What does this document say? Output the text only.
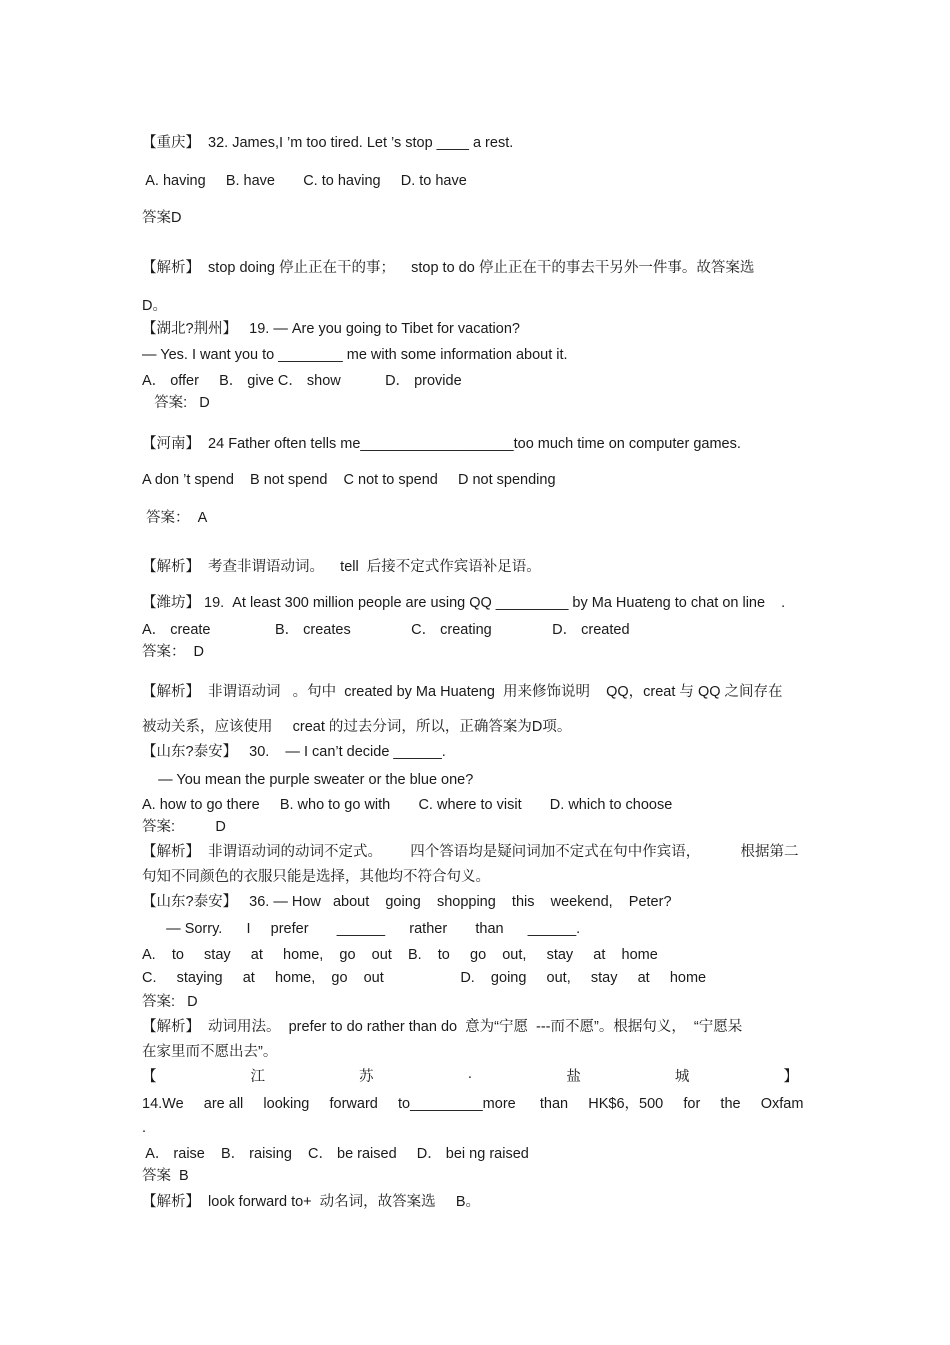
【重庆】  32. James,I ’m too tired. Let ’s stop ____ a rest.
A. having     B. have       C. to having     D. to have
答案D
【解析】  stop doing 停止正在干的事；    stop to do 停止正在干的事去干另外一件事。故答案选
D。
【湖北?荆州】   19. — Are you going to Tibet for vacation?
— Yes. I want you to ________ me with some information about it.
A． offer     B． give C． show           D． provide
答案:   D
【河南】  24 Father often tells me___________________too much time on computer games.
A don ’t spend    B not spend    C not to spend     D not spending
答案：  A
【解析】  考查非谓语动词。    tell  后接不定式作宾语补足语。
【潍坊】 19.  At least 300 million people are using QQ _________ by Ma Huateng to chat on line    .
A． create                B． creates               C． creating               D． created
答案：  D
【解析】  非谓语动词   。句中  created by Ma Huateng  用来修饰说明    QQ，creat 与 QQ 之间存在
被动关系，应该使用     creat 的过去分词，所以，正确答案为D项。
【山东?泰安】   30.    — I can’t decide ______.
— You mean the purple sweater or the blue one?
A. how to go there     B. who to go with       C. where to visit       D. which to choose
答案:          D
【解析】  非谓语动词的动词不定式。       四个答语均是疑问词加不定式在句中作宾语，          根据第二
句知不同颜色的衣服只能是选择，其他均不符合句义。
【山东?泰安】   36. — How   about    going    shopping    this    weekend,    Peter?
— Sorry.      I     prefer       ______      rather       than      ______.
A.    to     stay     at     home,    go    out    B.    to     go    out,     stay     at    home
C.     staying     at     home,    go    out                   D.    going     out,     stay     at     home
答案:   D
【解析】  动词用法。  prefer to do rather than do  意为“宁愿  ---而不愿”。根据句义，  “宁愿呆
在家里而不愿出去”。
【	江	苏	·	盐	城	】
14.We     are all     looking     forward     to_________more      than     HK$6，500     for     the     Oxfam
.
A． raise    B． raising    C． be raised     D． bei ng raised
答案  B
【解析】  look forward to+  动名词，故答案选     B。
